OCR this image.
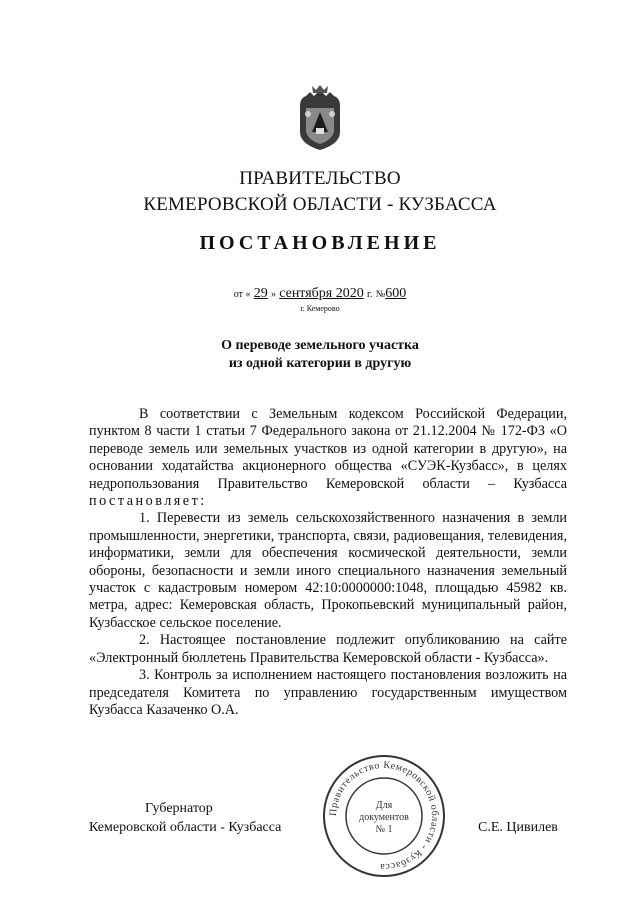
ПРАВИТЕЛЬСТВО
КЕМЕРОВСКОЙ ОБЛАСТИ - КУЗБАССА
ПОСТАНОВЛЕНИЕ
от « 29 » сентября 2020 г. №600
г. Кемерово
О переводе земельного участка
из одной категории в другую

В соответствии с Земельным кодексом Российской Федерации, пунктом 8 части 1 статьи 7 Федерального закона от 21.12.2004 № 172-ФЗ «О переводе земель или земельных участков из одной категории в другую», на основании ходатайства акционерного общества «СУЭК-Кузбасс», в целях недропользования Правительство Кемеровской области – Кузбасса постановляет:

1. Перевести из земель сельскохозяйственного назначения в земли промышленности, энергетики, транспорта, связи, радиовещания, телевидения, информатики, земли для обеспечения космической деятельности, земли обороны, безопасности и земли иного специального назначения земельный участок с кадастровым номером 42:10:0000000:1048, площадью 45982 кв. метра, адрес: Кемеровская область, Прокопьевский муниципальный район, Кузбасское сельское поселение.

2. Настоящее постановление подлежит опубликованию на сайте «Электронный бюллетень Правительства Кемеровской области - Кузбасса».

3. Контроль за исполнением настоящего постановления возложить на председателя Комитета по управлению государственным имуществом Кузбасса Казаченко О.А.

Губернатор
Кемеровской области - Кузбасса	С.Е. Цивилев
Правительство Кемеровской области - Кузбасса
Для
документов
№ 1
